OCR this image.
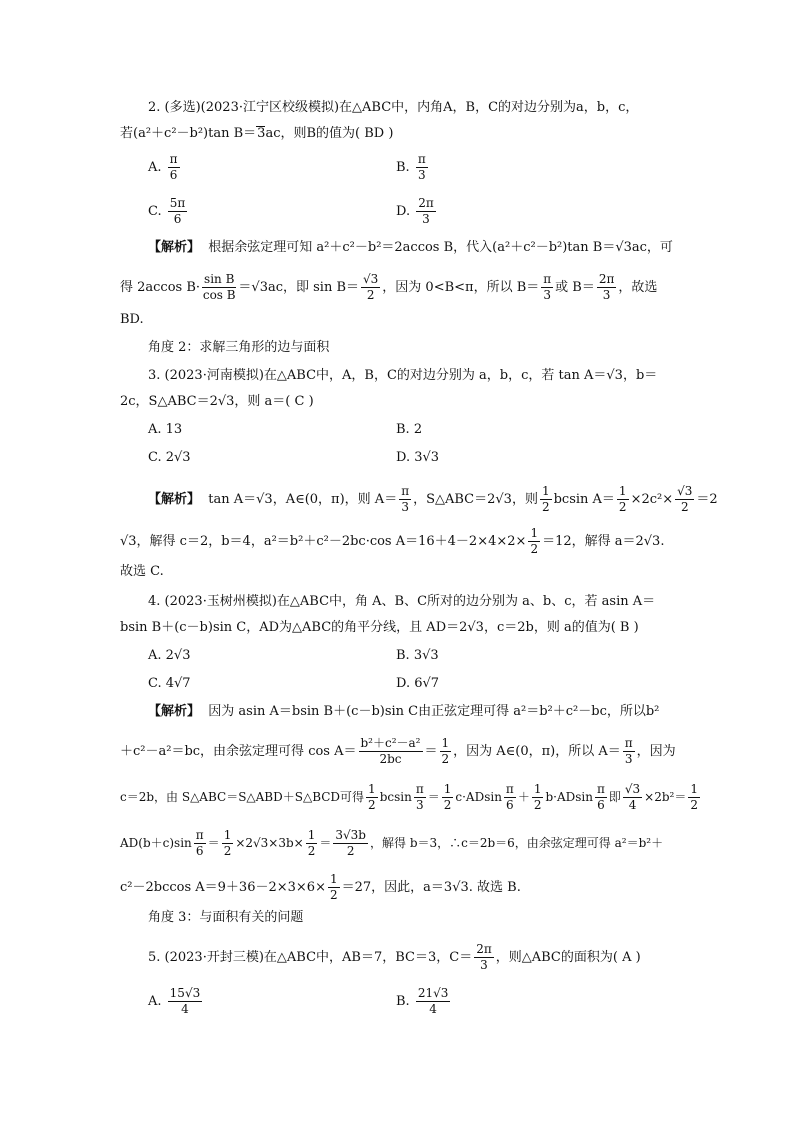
2. (多选)(2023·江宁区校级模拟)在△ABC中，内角A，B，C的对边分别为a，b，c，
若(a²＋c²－b²)tan B＝3ac，则B的值为( BD )
A. $\frac{\pi}{6}$	B. $\frac{\pi}{3}$
C. $\frac{5\pi}{6}$	D. $\frac{2\pi}{3}$
【解析】 根据余弦定理可知 a²＋c²－b²＝2accos B，代入(a²＋c²－b²)tan B＝√3ac，可
得 2accos $B\cdot \frac{\text{sin B}}{\text{cos B}} =√3ac$，即 $\sin B= \frac{√3}{2}$ ，因为 0<B<π，所以 $B= \frac{\pi}{3}$ 或 $B= \frac{2\pi}{3}$ ，故选
BD.
角度 2：求解三角形的边与面积
3. (2023·河南模拟)在△ABC中，A，B，C的对边分别为 a，b，c，若 tan A＝√3，b＝
2c，S△ABC＝2√3，则 a＝( C )
A. 13	B. 2
C. 2√3	D. 3√3
【解析】 tan A＝√3，A∈(0，π)，则 $A= \frac{\pi}{3}$ ，S△ABC＝2√3，则 $\frac{1}{2}$ bcsin $A= \frac{1}{2} \times 2c^2\times \frac{√3}{2} =2$
√3，解得 c＝2，b＝4，a²＝b²＋c²－2bc·cos $A=16+4-2\times 4\times 2\times \frac{1}{2} =12$，解得 a＝2√3.
故选 C.
4. (2023·玉树州模拟)在△ABC中，角 A、B、C所对的边分别为 a、b、c，若 asin A＝
bsin B＋(c－b)sin C，AD为△ABC的角平分线，且 AD＝2√3，c＝2b，则 a的值为( B )
A. 2√3	B. 3√3
C. 4√7	D. 6√7
【解析】 因为 asin A＝bsin B＋(c－b)sin C由正弦定理可得 a²＝b²＋c²－bc，所以b²
＋c²－a²＝bc，由余弦定理可得 $\cos A= \frac{\text{b²＋c²－a²}}{2bc} = \frac{1}{2}$ ，因为 A∈(0，π)，所以 $A= \frac{\pi}{3}$ ，因为
c＝2b，由 S△ABC＝S△ABD＋S△BCD可得 $\frac{1}{2}$ bcsin $\frac{\pi}{3} = \frac{1}{2} c\cdot ADsin \frac{\pi}{6} + \frac{1}{2} b\cdot ADsin \frac{\pi}{6}$ 即 $\frac{√3}{4} \times 2b^2= \frac{1}{2}$
$AD(b+c)\sin \frac{\pi}{6} = \frac{1}{2} \times 2√3\times 3b\times \frac{1}{2} = \frac{3√3b}{2}$ ，解得 b＝3，∴c＝2b＝6，由余弦定理可得 a²＝b²＋
c²－2bccos $A=9+36-2\times 3\times 6\times \frac{1}{2} =27$，因此，a＝3√3. 故选 B.
角度 3：与面积有关的问题
5. (2023·开封三模)在△ABC中，AB＝7，BC＝3，$C= \frac{2\pi}{3}$ ，则△ABC的面积为( A )
A. $\frac{15√3}{4}$	B. $\frac{21√3}{4}$
